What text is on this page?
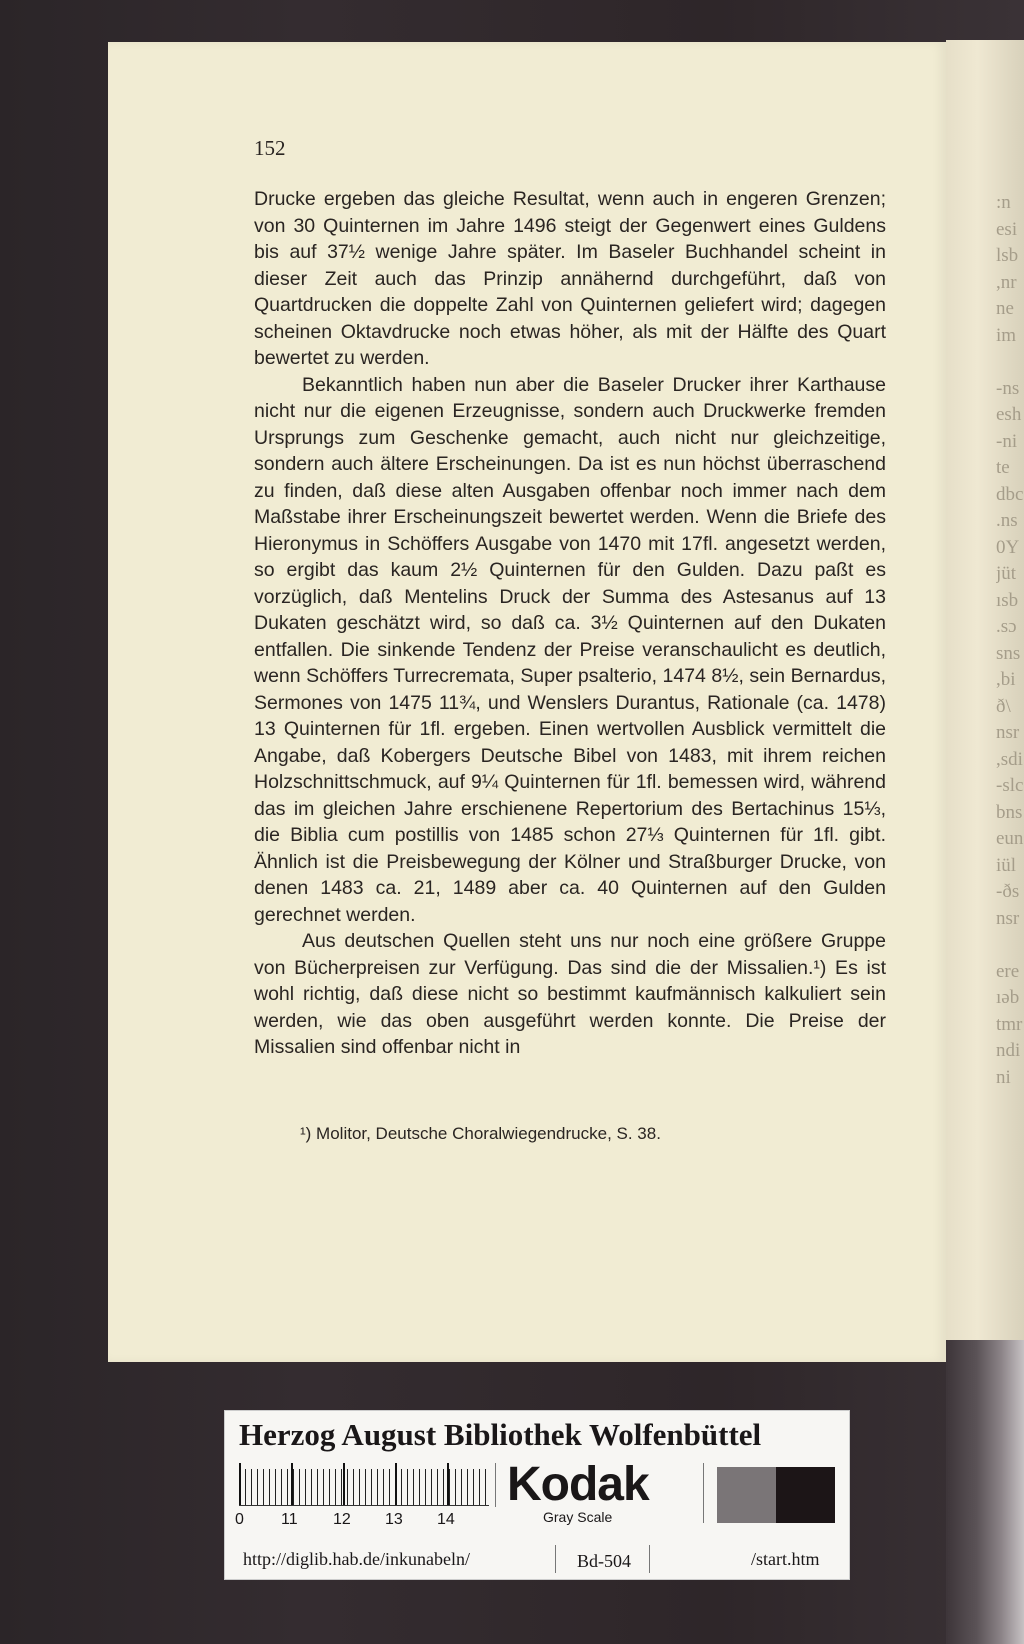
:n
esi
lsb
,nr
ne
im

-ns
esh
-ni
te
dbc
.ns
0Y
jüt
ısb
.sɔ
sns
,bi
ð\
nsr
,sdi
-slc
bns
eun
iül
-ðs
nsr

ere
ıəb
tmr
ndi
ni
152

Drucke ergeben das gleiche Resultat, wenn auch in engeren Grenzen; von 30 Quinternen im Jahre 1496 steigt der Gegenwert eines Guldens bis auf 37½ wenige Jahre später. Im Baseler Buchhandel scheint in dieser Zeit auch das Prinzip annähernd durchgeführt, daß von Quartdrucken die doppelte Zahl von Quinternen geliefert wird; dagegen scheinen Oktavdrucke noch etwas höher, als mit der Hälfte des Quart bewertet zu werden.

Bekanntlich haben nun aber die Baseler Drucker ihrer Karthause nicht nur die eigenen Erzeugnisse, sondern auch Druckwerke fremden Ursprungs zum Geschenke gemacht, auch nicht nur gleichzeitige, sondern auch ältere Erscheinungen. Da ist es nun höchst überraschend zu finden, daß diese alten Ausgaben offenbar noch immer nach dem Maßstabe ihrer Erscheinungszeit bewertet werden. Wenn die Briefe des Hieronymus in Schöffers Ausgabe von 1470 mit 17fl. angesetzt werden, so ergibt das kaum 2½ Quinternen für den Gulden. Dazu paßt es vorzüglich, daß Mentelins Druck der Summa des Astesanus auf 13 Dukaten geschätzt wird, so daß ca. 3½ Quinternen auf den Dukaten entfallen. Die sinkende Tendenz der Preise veranschaulicht es deutlich, wenn Schöffers Turrecremata, Super psalterio, 1474 8½, sein Bernardus, Sermones von 1475 11¾, und Wenslers Durantus, Rationale (ca. 1478) 13 Quinternen für 1fl. ergeben. Einen wertvollen Ausblick vermittelt die Angabe, daß Kobergers Deutsche Bibel von 1483, mit ihrem reichen Holzschnittschmuck, auf 9¼ Quinternen für 1fl. bemessen wird, während das im gleichen Jahre erschienene Repertorium des Bertachinus 15⅓, die Biblia cum postillis von 1485 schon 27⅓ Quinternen für 1fl. gibt. Ähnlich ist die Preisbewegung der Kölner und Straßburger Drucke, von denen 1483 ca. 21, 1489 aber ca. 40 Quinternen auf den Gulden gerechnet werden.

Aus deutschen Quellen steht uns nur noch eine größere Gruppe von Bücherpreisen zur Verfügung. Das sind die der Missalien.¹) Es ist wohl richtig, daß diese nicht so bestimmt kaufmännisch kalkuliert sein werden, wie das oben ausgeführt werden konnte. Die Preise der Missalien sind offenbar nicht in

¹) Molitor, Deutsche Choralwiegendrucke, S. 38.
Herzog August Bibliothek Wolfenbüttel
0 11 12 13 14
Kodak
Gray Scale
http://diglib.hab.de/inkunabeln/	Bd-504	/start.htm
